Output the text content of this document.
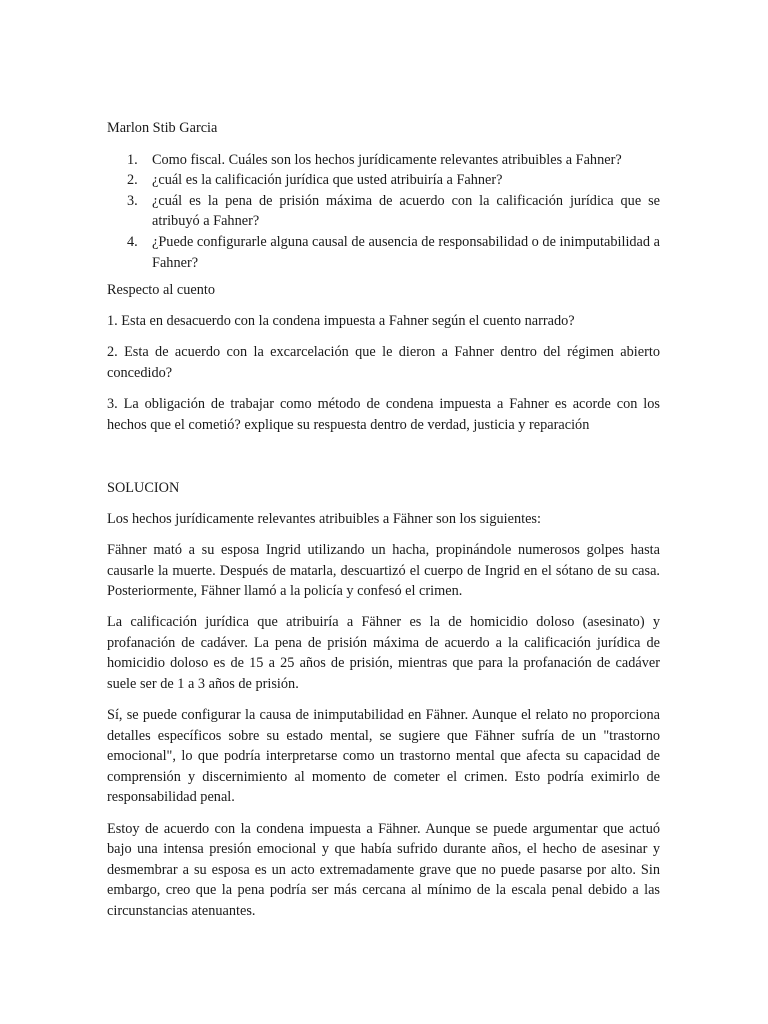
Marlon Stib Garcia

1. Como fiscal. Cuáles son los hechos jurídicamente relevantes atribuibles a Fahner?
2. ¿cuál es la calificación jurídica que usted atribuiría a Fahner?
3. ¿cuál es la pena de prisión máxima de acuerdo con la calificación jurídica que se atribuyó a Fahner?
4. ¿Puede configurarle alguna causal de ausencia de responsabilidad o de inimputabilidad a Fahner?

Respecto al cuento

1. Esta en desacuerdo con la condena impuesta a Fahner según el cuento narrado?

2. Esta de acuerdo con la excarcelación que le dieron a Fahner dentro del régimen abierto concedido?

3. La obligación de trabajar como método de condena impuesta a Fahner es acorde con los hechos que el cometió? explique su respuesta dentro de verdad, justicia y reparación

SOLUCION

Los hechos jurídicamente relevantes atribuibles a Fähner son los siguientes:

Fähner mató a su esposa Ingrid utilizando un hacha, propinándole numerosos golpes hasta causarle la muerte. Después de matarla, descuartizó el cuerpo de Ingrid en el sótano de su casa. Posteriormente, Fähner llamó a la policía y confesó el crimen.

La calificación jurídica que atribuiría a Fähner es la de homicidio doloso (asesinato) y profanación de cadáver. La pena de prisión máxima de acuerdo a la calificación jurídica de homicidio doloso es de 15 a 25 años de prisión, mientras que para la profanación de cadáver suele ser de 1 a 3 años de prisión.

Sí, se puede configurar la causa de inimputabilidad en Fähner. Aunque el relato no proporciona detalles específicos sobre su estado mental, se sugiere que Fähner sufría de un "trastorno emocional", lo que podría interpretarse como un trastorno mental que afecta su capacidad de comprensión y discernimiento al momento de cometer el crimen. Esto podría eximirlo de responsabilidad penal.

Estoy de acuerdo con la condena impuesta a Fähner. Aunque se puede argumentar que actuó bajo una intensa presión emocional y que había sufrido durante años, el hecho de asesinar y desmembrar a su esposa es un acto extremadamente grave que no puede pasarse por alto. Sin embargo, creo que la pena podría ser más cercana al mínimo de la escala penal debido a las circunstancias atenuantes.
